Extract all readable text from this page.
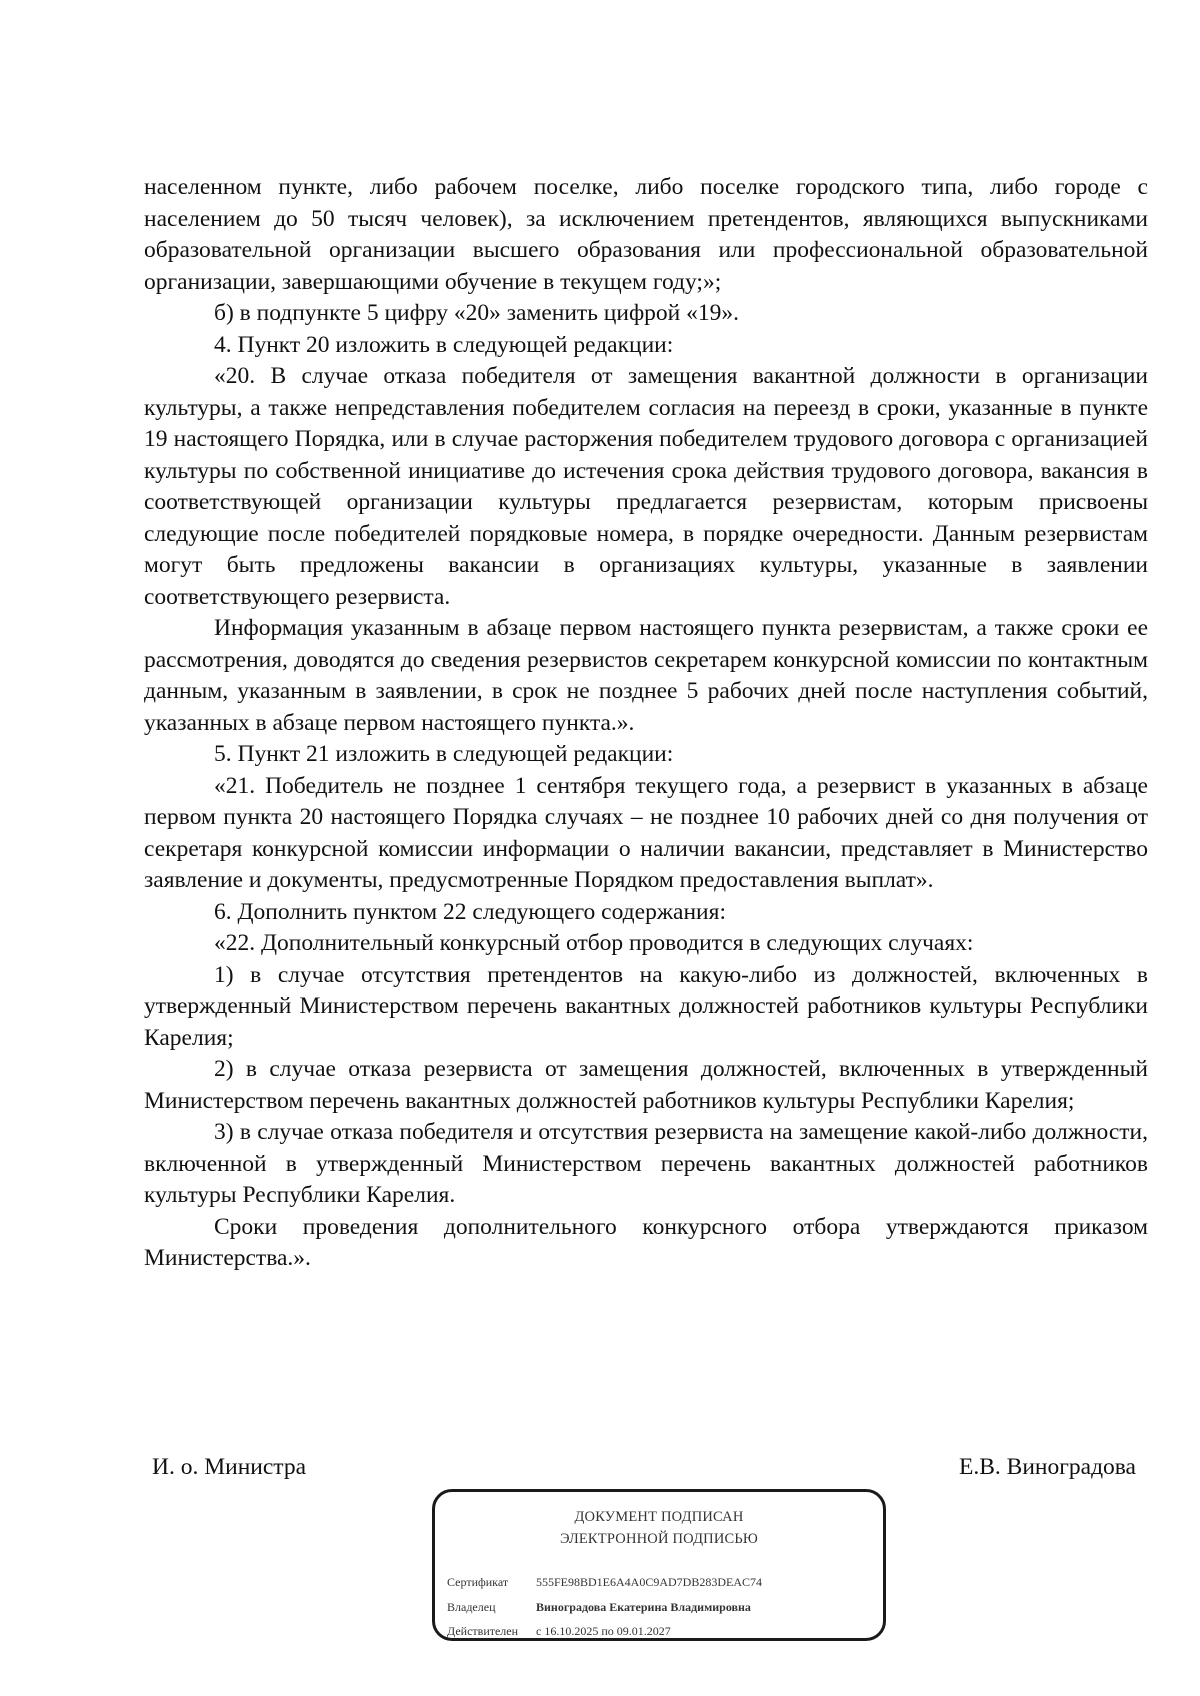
населенном пункте, либо рабочем поселке, либо поселке городского типа, либо городе с населением до 50 тысяч человек), за исключением претендентов, являющихся выпускниками образовательной организации высшего образования или профессиональной образовательной организации, завершающими обучение в текущем году;»;

б) в подпункте 5 цифру «20» заменить цифрой «19».

4. Пункт 20 изложить в следующей редакции:

«20. В случае отказа победителя от замещения вакантной должности в организации культуры, а также непредставления победителем согласия на переезд в сроки, указанные в пункте 19 настоящего Порядка, или в случае расторжения победителем трудового договора с организацией культуры по собственной инициативе до истечения срока действия трудового договора, вакансия в соответствующей организации культуры предлагается резервистам, которым присвоены следующие после победителей порядковые номера, в порядке очередности. Данным резервистам могут быть предложены вакансии в организациях культуры, указанные в заявлении соответствующего резервиста.

Информация указанным в абзаце первом настоящего пункта резервистам, а также сроки ее рассмотрения, доводятся до сведения резервистов секретарем конкурсной комиссии по контактным данным, указанным в заявлении, в срок не позднее 5 рабочих дней после наступления событий, указанных в абзаце первом настоящего пункта.».

5. Пункт 21 изложить в следующей редакции:

«21. Победитель не позднее 1 сентября текущего года, а резервист в указанных в абзаце первом пункта 20 настоящего Порядка случаях – не позднее 10 рабочих дней со дня получения от секретаря конкурсной комиссии информации о наличии вакансии, представляет в Министерство заявление и документы, предусмотренные Порядком предоставления выплат».

6. Дополнить пунктом 22 следующего содержания:

«22. Дополнительный конкурсный отбор проводится в следующих случаях:

1) в случае отсутствия претендентов на какую-либо из должностей, включенных в утвержденный Министерством перечень вакантных должностей работников культуры Республики Карелия;

2) в случае отказа резервиста от замещения должностей, включенных в утвержденный Министерством перечень вакантных должностей работников культуры Республики Карелия;

3) в случае отказа победителя и отсутствия резервиста на замещение какой-либо должности, включенной в утвержденный Министерством перечень вакантных должностей работников культуры Республики Карелия.

Сроки проведения дополнительного конкурсного отбора утверждаются приказом Министерства.».

И. о. Министра	Е.В. Виноградова
ДОКУМЕНТ ПОДПИСАН
ЭЛЕКТРОННОЙ ПОДПИСЬЮ
Сертификат 555FE98BD1E6A4A0C9AD7DB283DEAC74
Владелец	Виноградова Екатерина Владимировна
Действителен с 16.10.2025 по 09.01.2027
